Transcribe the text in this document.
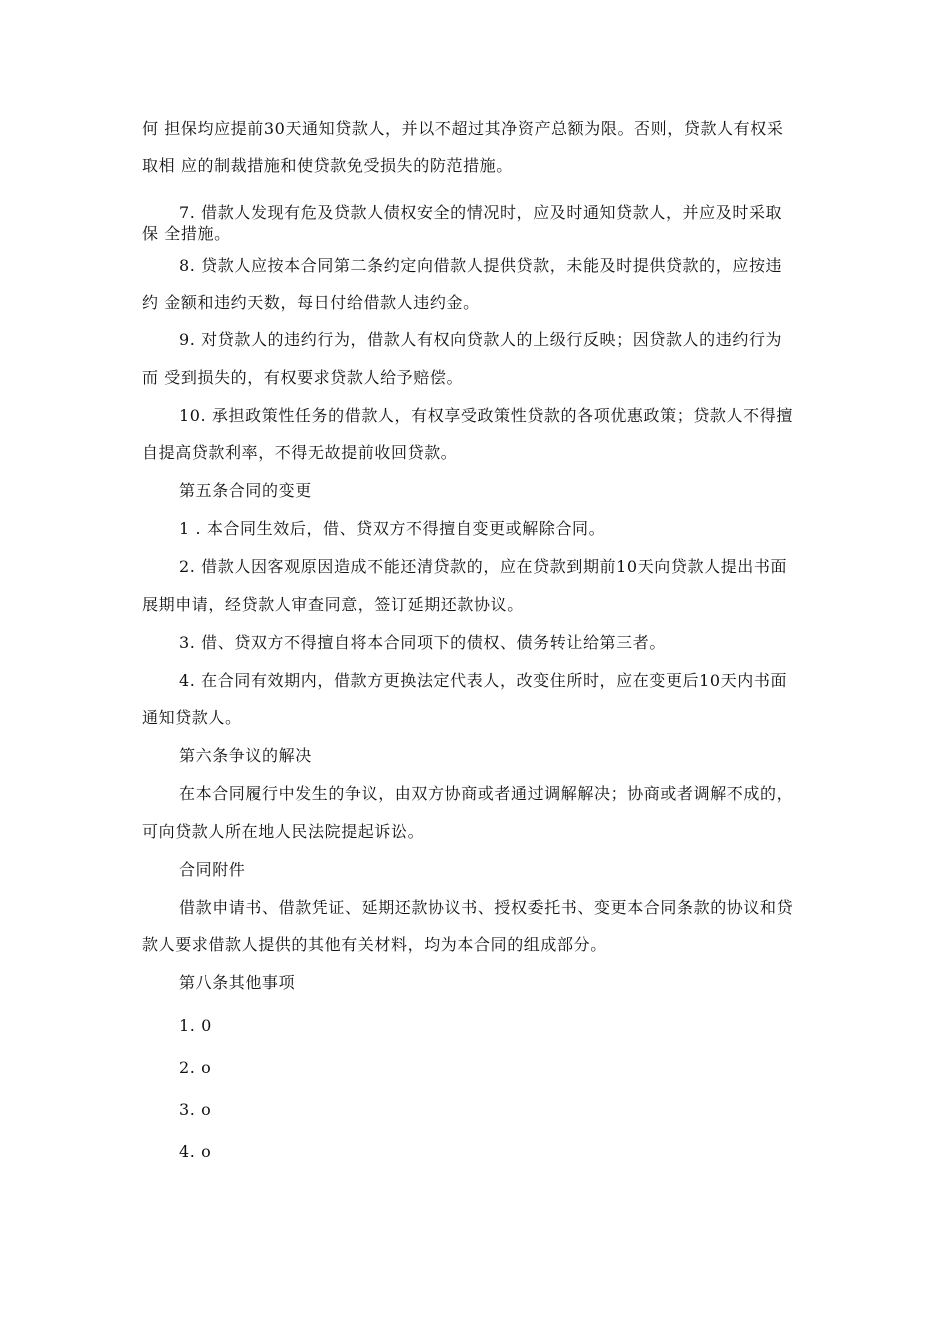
何 担保均应提前30天通知贷款人，并以不超过其净资产总额为限。否则，贷款人有权采
取相 应的制裁措施和使贷款免受损失的防范措施。
7. 借款人发现有危及贷款人债权安全的情况时，应及时通知贷款人，并应及时采取
保 全措施。
8. 贷款人应按本合同第二条约定向借款人提供贷款，未能及时提供贷款的，应按违
约 金额和违约天数，每日付给借款人违约金。
9. 对贷款人的违约行为，借款人有权向贷款人的上级行反映；因贷款人的违约行为
而 受到损失的，有权要求贷款人给予赔偿。
10. 承担政策性任务的借款人，有权享受政策性贷款的各项优惠政策；贷款人不得擅
自提高贷款利率，不得无故提前收回贷款。
第五条合同的变更
1 . 本合同生效后，借、贷双方不得擅自变更或解除合同。
2. 借款人因客观原因造成不能还清贷款的，应在贷款到期前10天向贷款人提出书面
展期申请，经贷款人审查同意，签订延期还款协议。
3. 借、贷双方不得擅自将本合同项下的债权、债务转让给第三者。
4. 在合同有效期内，借款方更换法定代表人，改变住所时，应在变更后10天内书面
通知贷款人。
第六条争议的解决
在本合同履行中发生的争议，由双方协商或者通过调解解决；协商或者调解不成的，
可向贷款人所在地人民法院提起诉讼。
合同附件
借款申请书、借款凭证、延期还款协议书、授权委托书、变更本合同条款的协议和贷
款人要求借款人提供的其他有关材料，均为本合同的组成部分。
第八条其他事项
1. 0
2. o
3. o
4. o
